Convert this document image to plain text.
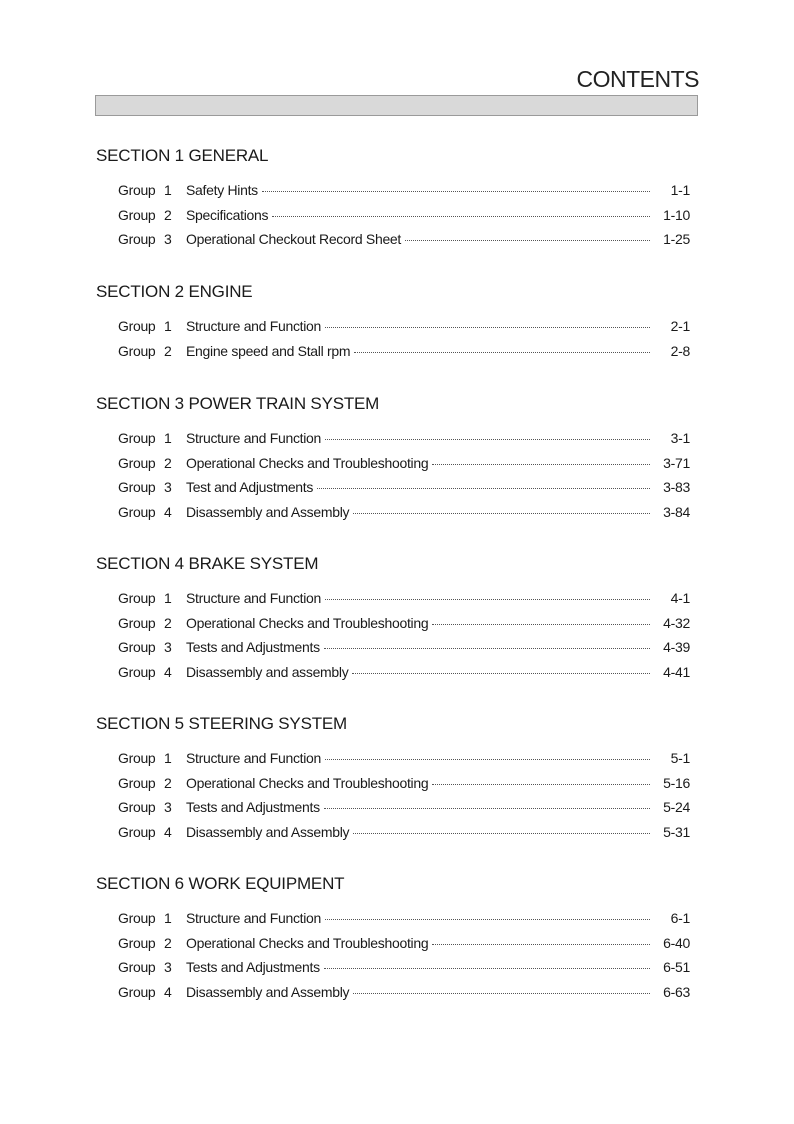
CONTENTS
SECTION 1 GENERAL
Group 1	Safety Hints	1-1
Group 2	Specifications	1-10
Group 3	Operational Checkout Record Sheet	1-25
SECTION 2 ENGINE
Group 1	Structure and Function	2-1
Group 2	Engine speed and Stall rpm	2-8
SECTION 3 POWER TRAIN SYSTEM
Group 1	Structure and Function	3-1
Group 2	Operational Checks and Troubleshooting	3-71
Group 3	Test and Adjustments	3-83
Group 4	Disassembly and Assembly	3-84
SECTION 4 BRAKE SYSTEM
Group 1	Structure and Function	4-1
Group 2	Operational Checks and Troubleshooting	4-32
Group 3	Tests and Adjustments	4-39
Group 4	Disassembly and assembly	4-41
SECTION 5 STEERING SYSTEM
Group 1	Structure and Function	5-1
Group 2	Operational Checks and Troubleshooting	5-16
Group 3	Tests and Adjustments	5-24
Group 4	Disassembly and Assembly	5-31
SECTION 6 WORK EQUIPMENT
Group 1	Structure and Function	6-1
Group 2	Operational Checks and Troubleshooting	6-40
Group 3	Tests and Adjustments	6-51
Group 4	Disassembly and Assembly	6-63
